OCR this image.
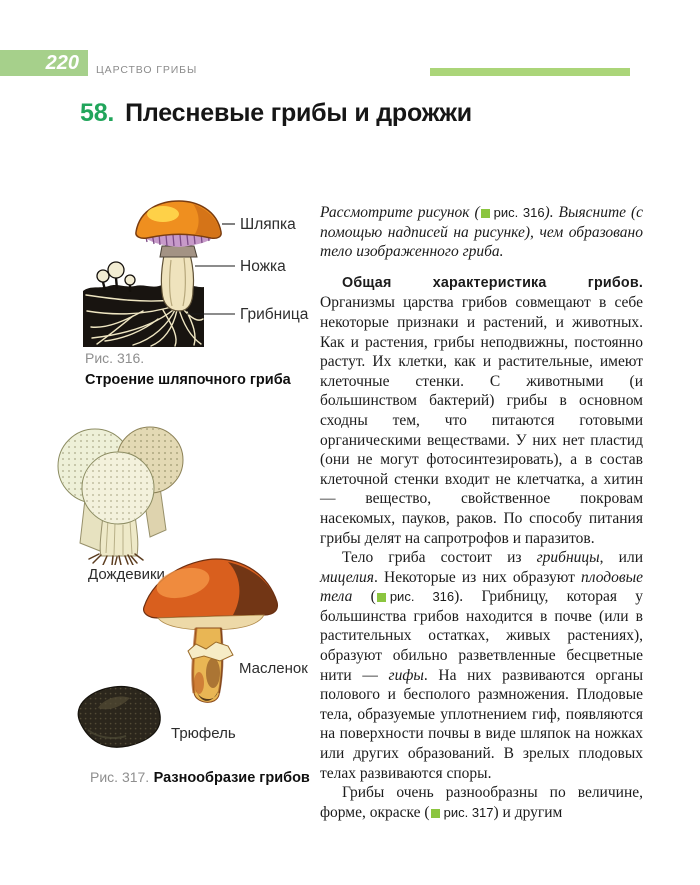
220	ЦАРСТВО ГРИБЫ
58. Плесневые грибы и дрожжи
Шляпка
Ножка
Грибница
Рис. 316.
Строение шляпочного гриба
Дождевики
Масленок
Трюфель
Рис. 317. Разнообразие грибов

Рассмотрите рисунок ( рис. 316). Выясните (с помощью надписей на рисунке), чем образовано тело изображенного гриба.

Общая характеристика грибов. Организмы царства грибов совмещают в себе некоторые признаки и растений, и животных. Как и растения, грибы неподвижны, постоянно растут. Их клетки, как и растительные, имеют клеточные стенки. С животными (и большинством бактерий) грибы в основном сходны тем, что питаются готовыми органическими веществами. У них нет пластид (они не могут фотосинтезировать), а в состав клеточной стенки входит не клетчатка, а хитин — вещество, свойственное покровам насекомых, пауков, раков. По способу питания грибы делят на сапротрофов и паразитов.

Тело гриба состоит из грибницы, или мицелия. Некоторые из них образуют плодовые тела ( рис. 316). Грибницу, которая у большинства грибов находится в почве (или в растительных остатках, живых растениях), образуют обильно разветвленные бесцветные нити — гифы. На них развиваются органы полового и бесполого размножения. Плодовые тела, образуемые уплотнением гиф, появляются на поверхности почвы в виде шляпок на ножках или других образований. В зрелых плодовых телах развиваются споры.

Грибы очень разнообразны по величине, форме, окраске ( рис. 317) и другим
